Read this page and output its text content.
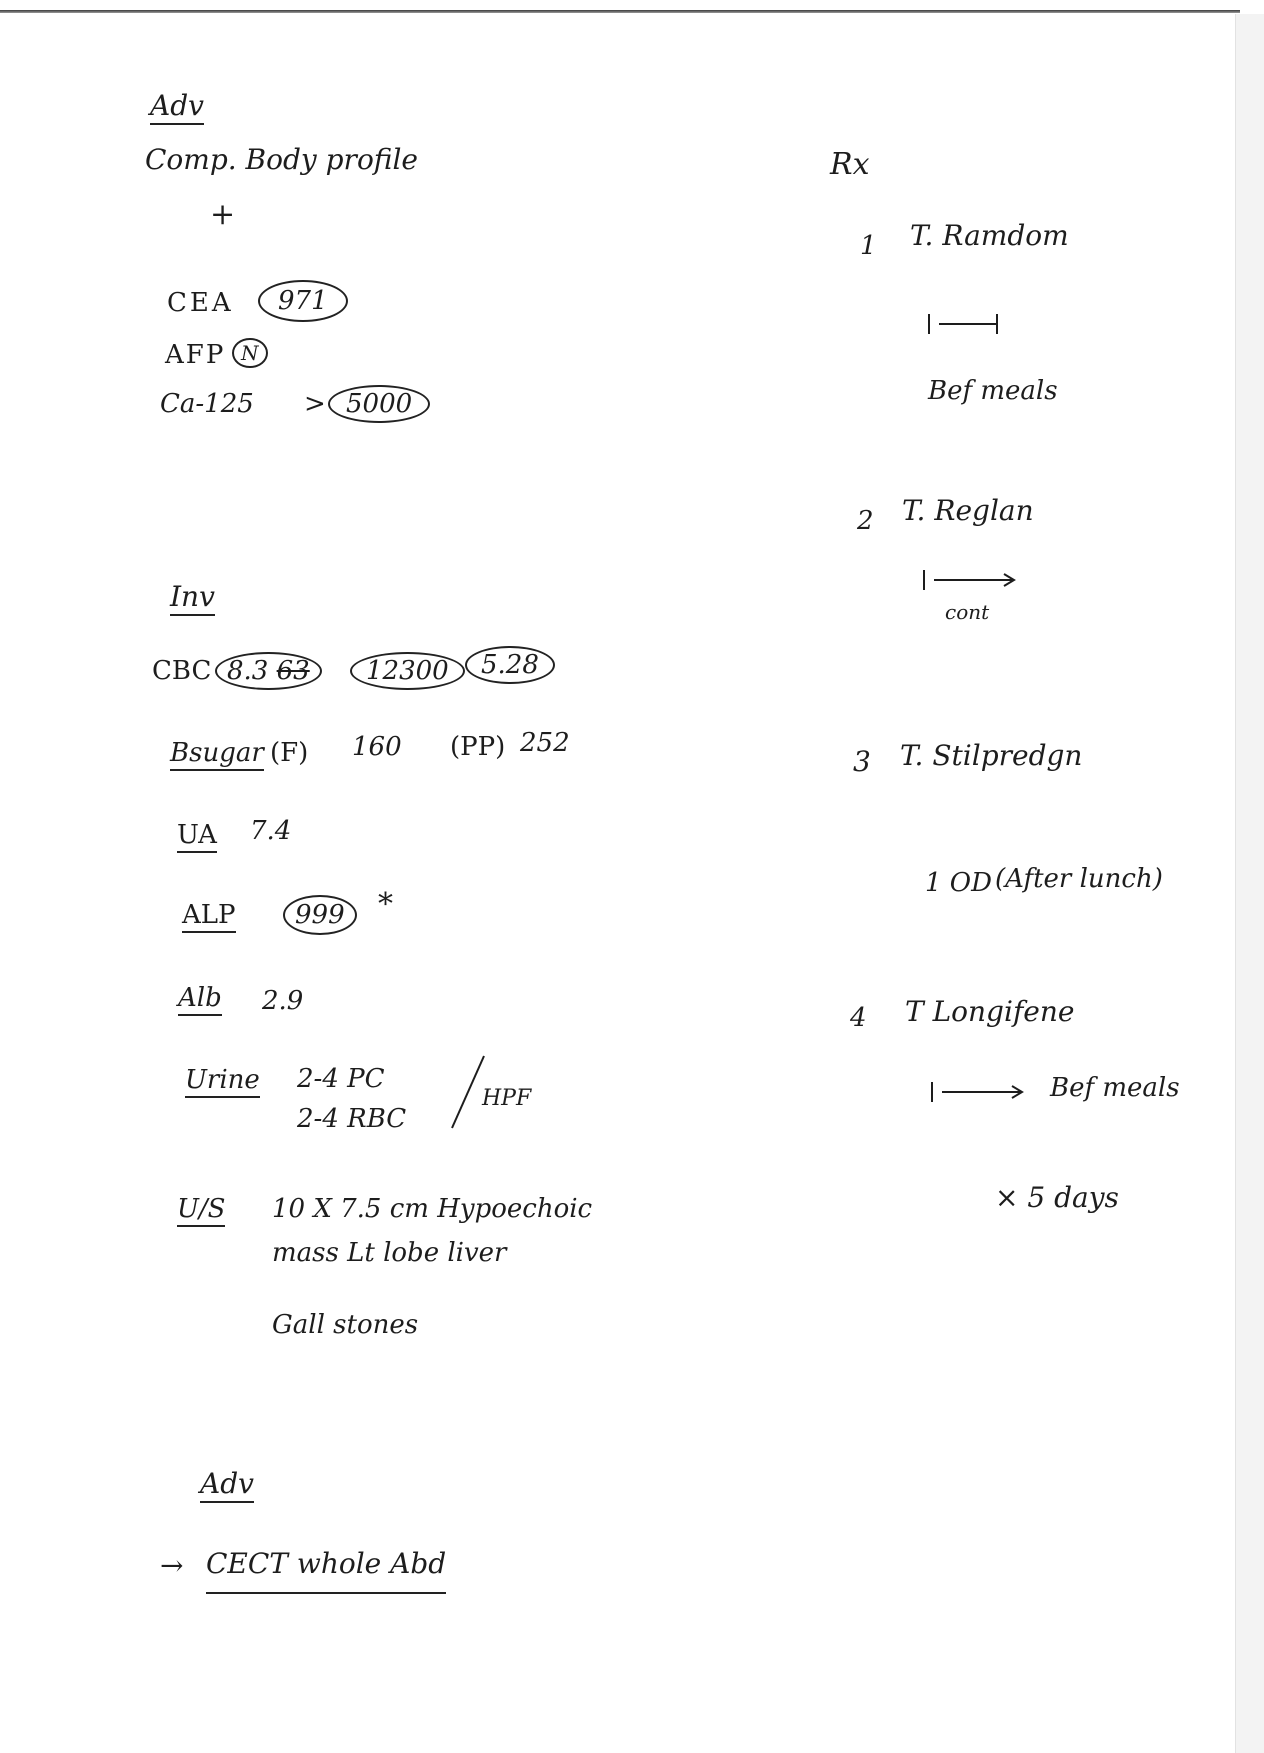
Adv
Comp. Body profile
+
CEA	971
AFP N
Ca-125 > 5000
Inv
CBC 8.3 63	12300	5.28
Bsugar (F) 160 (PP) 252
UA 7.4
ALP	999	*
Alb 2.9
Urine 2-4 PC
2-4 RBC
HPF
U/S 10 X 7.5 cm Hypoechoic
mass Lt lobe liver
Gall stones
Adv
→ CECT whole Abd
Rx
1 T. Ramdom
Bef meals
2 T. Reglan
cont
3 T. Stilpredgn
1 OD (After lunch)
4 T Longifene
Bef meals
× 5 days
